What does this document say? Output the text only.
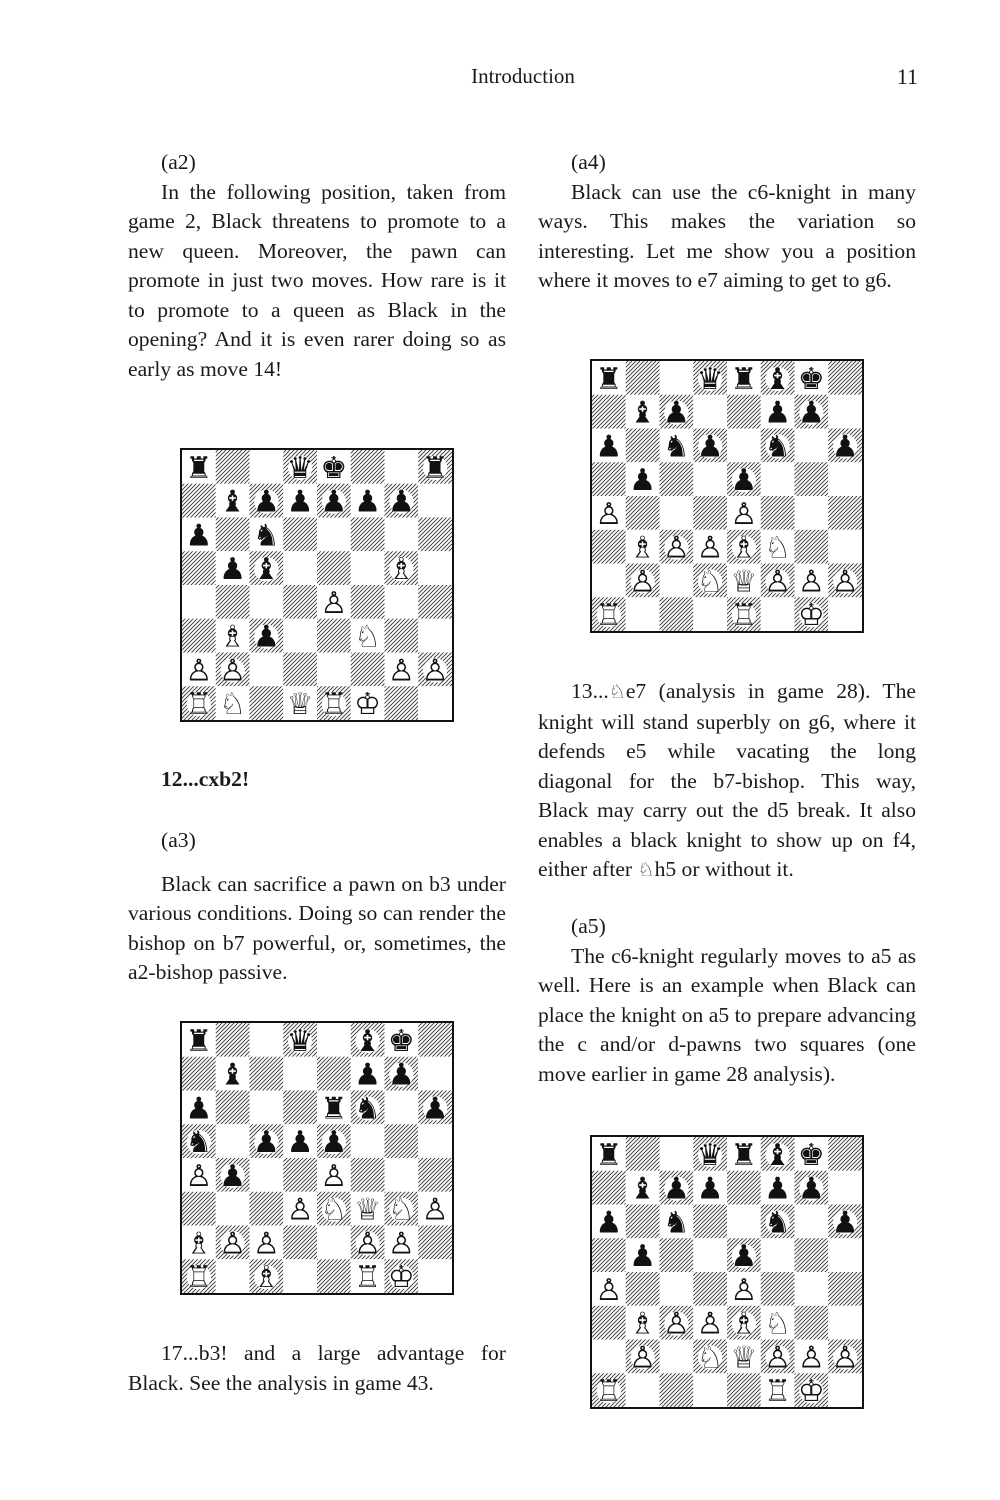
Introduction	11

(a2)

In the following position, taken from game 2, Black threatens to promote to a new queen. Moreover, the pawn can promote in just two moves. How rare is it to promote to a queen as Black in the opening? And it is even rarer doing so as early as move 14!

12...cxb2!

(a3)

Black can sacrifice a pawn on b3 under various conditions. Doing so can render the bishop on b7 powerful, or, sometimes, the a2-bishop passive.

17...b3! and a large advantage for Black. See the analysis in game 43.

(a4)

Black can use the c6-knight in many ways. This makes the variation so interesting. Let me show you a position where it moves to e7 aiming to get to g6.

13...♘e7 (analysis in game 28). The knight will stand superbly on g6, where it defends e5 while vacating the long diagonal for the b7-bishop. This way, Black may carry out the d5 break. It also enables a black knight to show up on f4, either after ♘h5 or without it.

(a5)

The c6-knight regularly moves to a5 as well. Here is an example when Black can place the knight on a5 to prepare advancing the c and/or d-pawns two squares (one move earlier in game 28 analysis).

♜ ♛ ♚ ♜
♝ ♟ ♟ ♟ ♟ ♟
♟ ♞
♟ ♝	♗
♙
♗ ♟ ♘
♙ ♙	♙ ♙
♖ ♘ ♕ ♖ ♔
♜ ♛ ♝ ♚
♝	♟ ♟
♟	♜ ♞ ♟
♞ ♟ ♟ ♟
♙ ♟ ♙
♙ ♘ ♕ ♘ ♙
♗ ♙ ♙ ♙ ♙
♖ ♗ ♖ ♔
♜ ♛ ♜ ♝ ♚
♝ ♟ ♟ ♟
♟ ♞ ♟ ♞ ♟
♟ ♟
♙	♙
♗ ♙ ♙ ♗ ♘
♙ ♘ ♕ ♙ ♙ ♙
♖	♖ ♔
♜ ♛ ♜ ♝ ♚
♝ ♟ ♟ ♟ ♟
♟ ♞ ♞ ♟
♟ ♟
♙	♙
♗ ♙ ♙ ♗ ♘
♙ ♘ ♕ ♙ ♙ ♙
♖	♖ ♔
